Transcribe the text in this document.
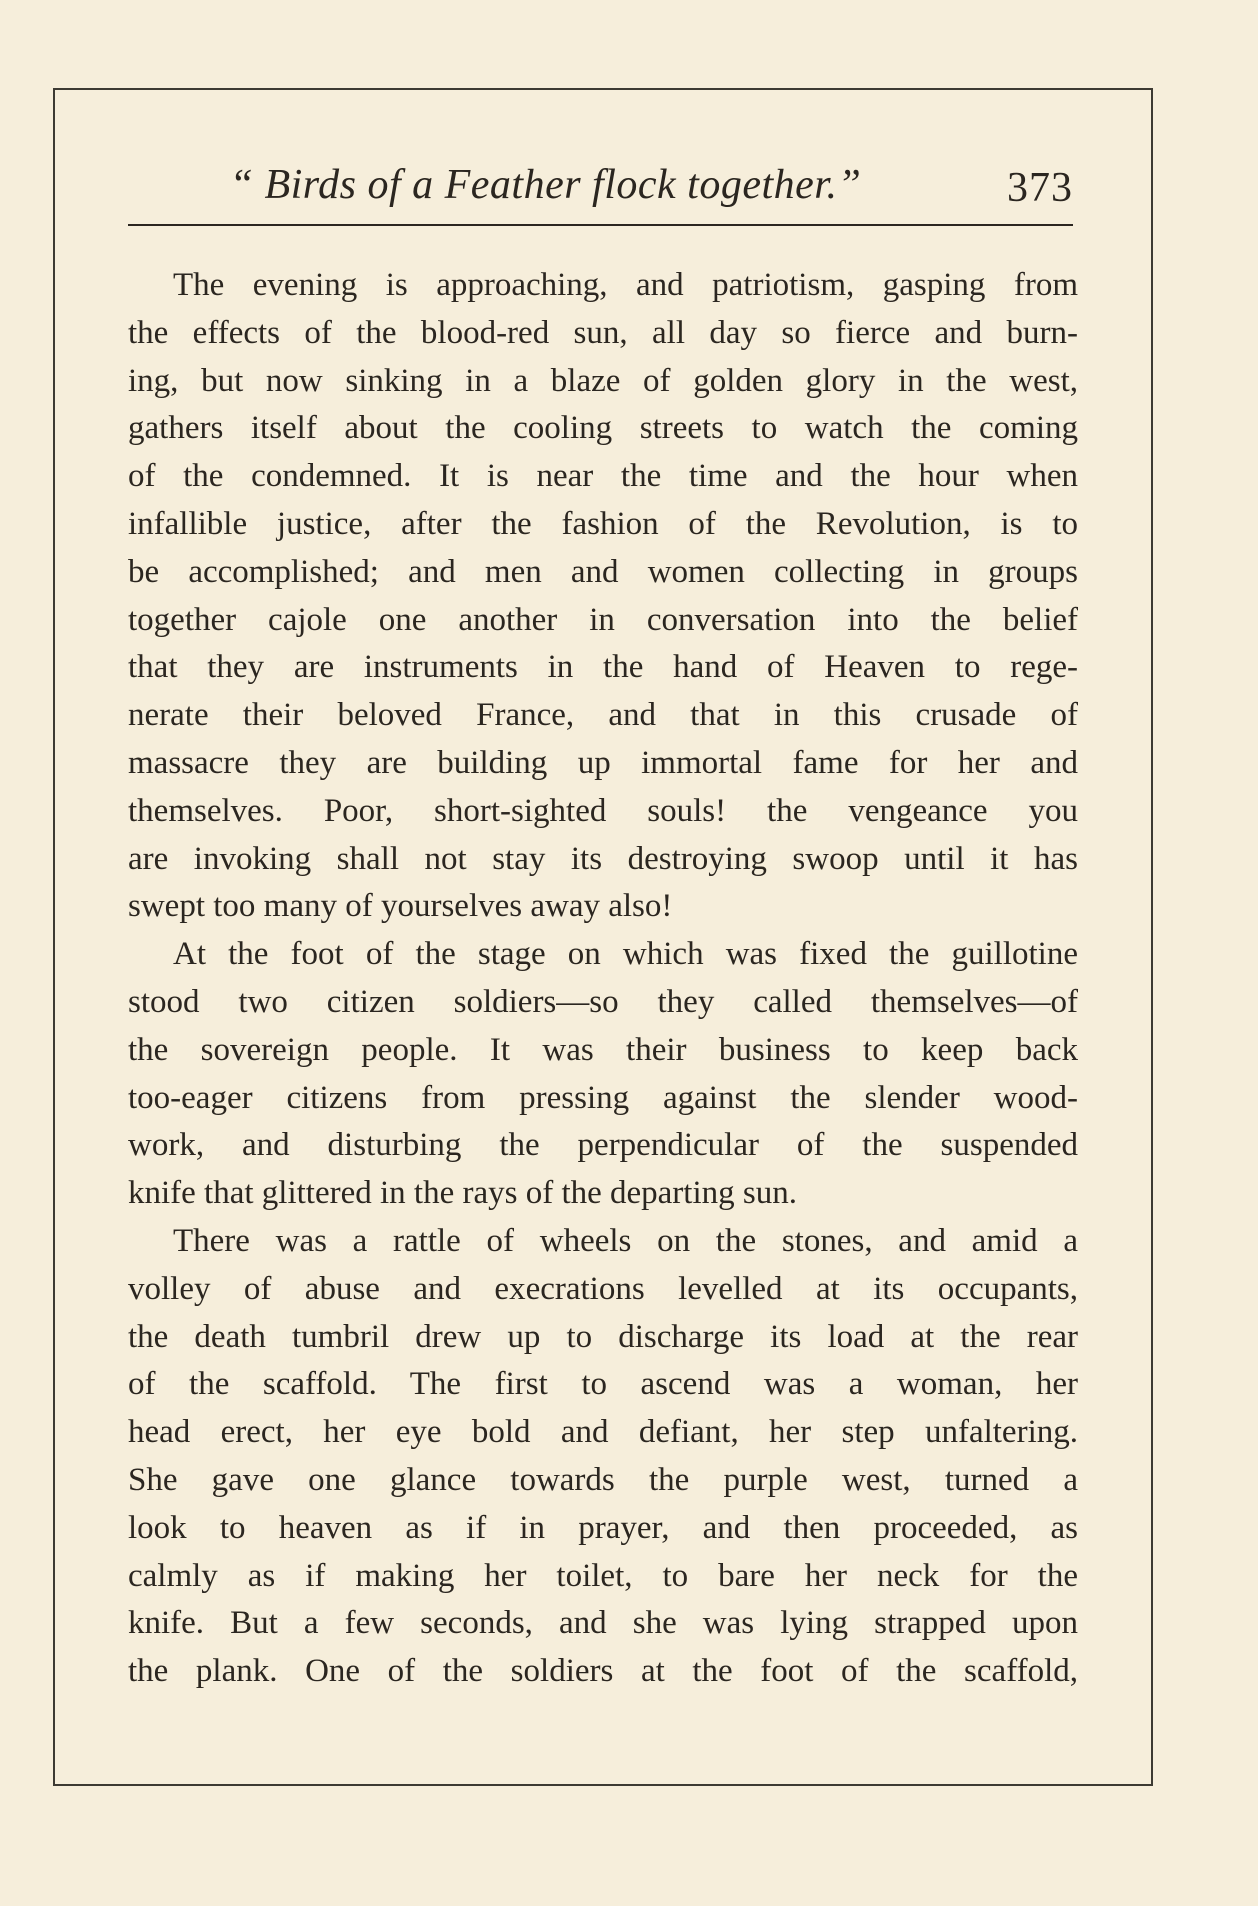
“ Birds of a Feather flock together.”	373
The evening is approaching, and patriotism, gasping from
the effects of the blood-red sun, all day so fierce and burn-
ing, but now sinking in a blaze of golden glory in the west,
gathers itself about the cooling streets to watch the coming
of the condemned. It is near the time and the hour when
infallible justice, after the fashion of the Revolution, is to
be accomplished; and men and women collecting in groups
together cajole one another in conversation into the belief
that they are instruments in the hand of Heaven to rege-
nerate their beloved France, and that in this crusade of
massacre they are building up immortal fame for her and
themselves. Poor, short-sighted souls! the vengeance you
are invoking shall not stay its destroying swoop until it has
swept too many of yourselves away also!
At the foot of the stage on which was fixed the guillotine
stood two citizen soldiers—so they called themselves—of
the sovereign people. It was their business to keep back
too-eager citizens from pressing against the slender wood-
work, and disturbing the perpendicular of the suspended
knife that glittered in the rays of the departing sun.
There was a rattle of wheels on the stones, and amid a
volley of abuse and execrations levelled at its occupants,
the death tumbril drew up to discharge its load at the rear
of the scaffold. The first to ascend was a woman, her
head erect, her eye bold and defiant, her step unfaltering.
She gave one glance towards the purple west, turned a
look to heaven as if in prayer, and then proceeded, as
calmly as if making her toilet, to bare her neck for the
knife. But a few seconds, and she was lying strapped upon
the plank. One of the soldiers at the foot of the scaffold,
